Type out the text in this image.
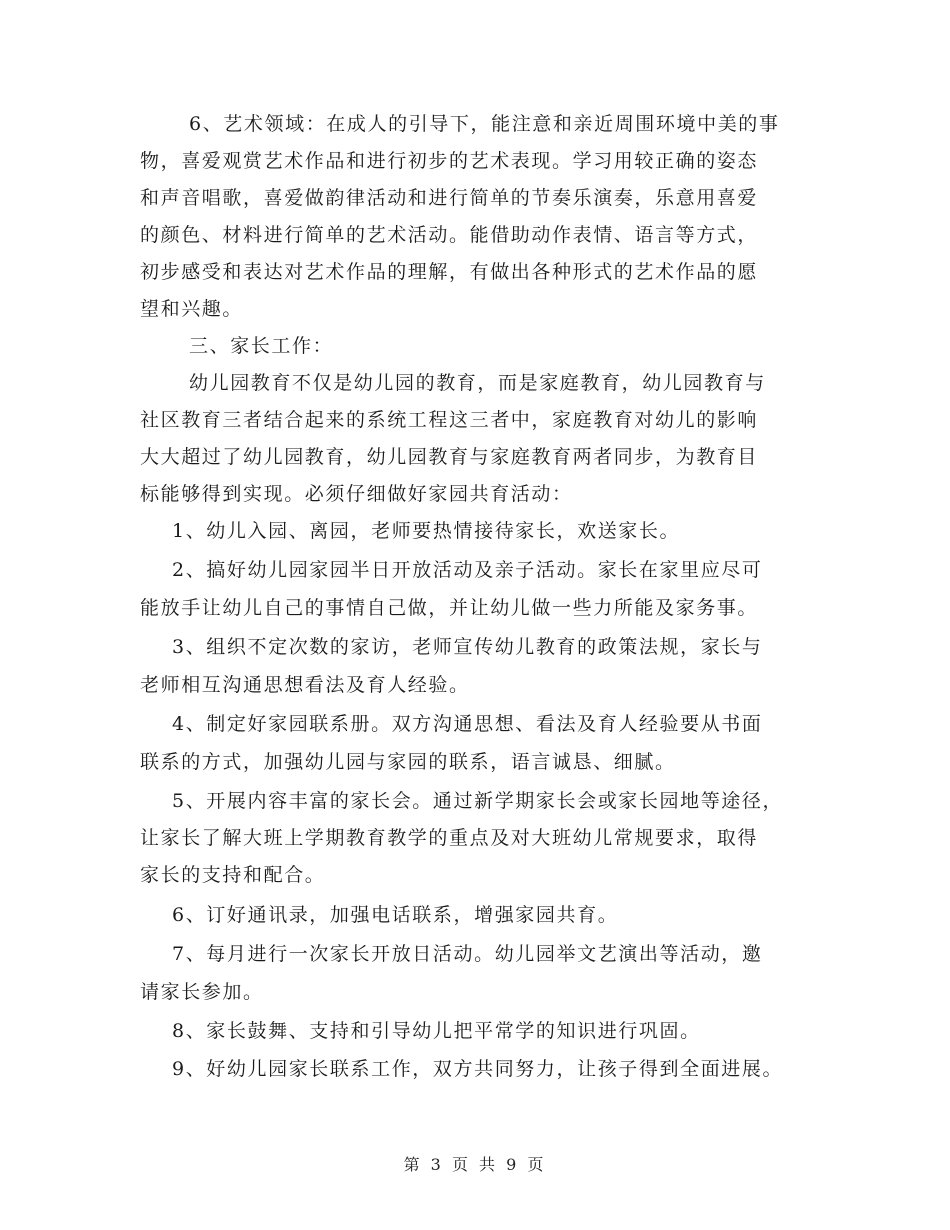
6、艺术领域：在成人的引导下，能注意和亲近周围环境中美的事
物，喜爱观赏艺术作品和进行初步的艺术表现。学习用较正确的姿态
和声音唱歌，喜爱做韵律活动和进行简单的节奏乐演奏，乐意用喜爱
的颜色、材料进行简单的艺术活动。能借助动作表情、语言等方式，
初步感受和表达对艺术作品的理解，有做出各种形式的艺术作品的愿
望和兴趣。
三、家长工作：
幼儿园教育不仅是幼儿园的教育，而是家庭教育，幼儿园教育与
社区教育三者结合起来的系统工程这三者中，家庭教育对幼儿的影响
大大超过了幼儿园教育，幼儿园教育与家庭教育两者同步，为教育目
标能够得到实现。必须仔细做好家园共育活动：
1、幼儿入园、离园，老师要热情接待家长，欢送家长。
2、搞好幼儿园家园半日开放活动及亲子活动。家长在家里应尽可
能放手让幼儿自己的事情自己做，并让幼儿做一些力所能及家务事。
3、组织不定次数的家访，老师宣传幼儿教育的政策法规，家长与
老师相互沟通思想看法及育人经验。
4、制定好家园联系册。双方沟通思想、看法及育人经验要从书面
联系的方式，加强幼儿园与家园的联系，语言诚恳、细腻。
5、开展内容丰富的家长会。通过新学期家长会或家长园地等途径，
让家长了解大班上学期教育教学的重点及对大班幼儿常规要求，取得
家长的支持和配合。
6、订好通讯录，加强电话联系，增强家园共育。
7、每月进行一次家长开放日活动。幼儿园举文艺演出等活动，邀
请家长参加。
8、家长鼓舞、支持和引导幼儿把平常学的知识进行巩固。
9、好幼儿园家长联系工作，双方共同努力，让孩子得到全面进展。
第 3 页 共 9 页
